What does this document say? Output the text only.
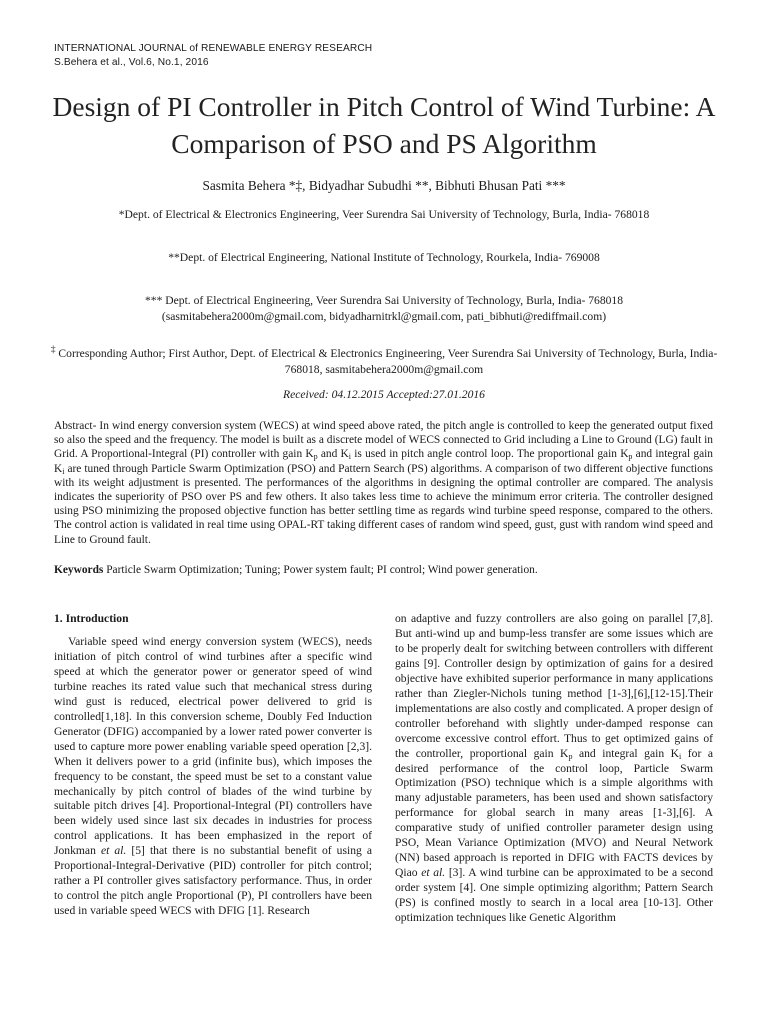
INTERNATIONAL JOURNAL of RENEWABLE ENERGY RESEARCH
S.Behera et al., Vol.6, No.1, 2016
Design of PI Controller in Pitch Control of Wind Turbine: A Comparison of PSO and PS Algorithm
Sasmita Behera *‡, Bidyadhar Subudhi **, Bibhuti Bhusan Pati ***
*Dept. of Electrical & Electronics Engineering, Veer Surendra Sai University of Technology, Burla, India- 768018
**Dept. of Electrical Engineering, National Institute of Technology, Rourkela, India- 769008
*** Dept. of Electrical Engineering, Veer Surendra Sai University of Technology, Burla, India- 768018
(sasmitabehera2000m@gmail.com, bidyadharnitrkl@gmail.com, pati_bibhuti@rediffmail.com)
‡ Corresponding Author; First Author, Dept. of Electrical & Electronics Engineering, Veer Surendra Sai University of Technology, Burla, India-768018, sasmitabehera2000m@gmail.com
Received: 04.12.2015 Accepted:27.01.2016

Abstract- In wind energy conversion system (WECS) at wind speed above rated, the pitch angle is controlled to keep the generated output fixed so also the speed and the frequency. The model is built as a discrete model of WECS connected to Grid including a Line to Ground (LG) fault in Grid. A Proportional-Integral (PI) controller with gain $K_p$ and $K_i$ is used in pitch angle control loop. The proportional gain $K_p$ and integral gain $K_i$ are tuned through Particle Swarm Optimization (PSO) and Pattern Search (PS) algorithms. A comparison of two different objective functions with its weight adjustment is presented. The performances of the algorithms in designing the optimal controller are compared. The analysis indicates the superiority of PSO over PS and few others. It also takes less time to achieve the minimum error criteria. The controller designed using PSO minimizing the proposed objective function has better settling time as regards wind turbine speed response, compared to the others. The control action is validated in real time using OPAL-RT taking different cases of random wind speed, gust, gust with random wind speed and Line to Ground fault.

Keywords Particle Swarm Optimization; Tuning; Power system fault; PI control; Wind power generation.
1. Introduction

Variable speed wind energy conversion system (WECS), needs initiation of pitch control of wind turbines after a specific wind speed at which the generator power or generator speed of wind turbine reaches its rated value such that mechanical stress during wind gust is reduced, electrical power delivered to grid is controlled[1,18]. In this conversion scheme, Doubly Fed Induction Generator (DFIG) accompanied by a lower rated power converter is used to capture more power enabling variable speed operation [2,3]. When it delivers power to a grid (infinite bus), which imposes the frequency to be constant, the speed must be set to a constant value mechanically by pitch control of blades of the wind turbine by suitable pitch drives [4]. Proportional-Integral (PI) controllers have been widely used since last six decades in industries for process control applications. It has been emphasized in the report of Jonkman et al. [5] that there is no substantial benefit of using a Proportional-Integral-Derivative (PID) controller for pitch control; rather a PI controller gives satisfactory performance. Thus, in order to control the pitch angle Proportional (P), PI controllers have been used in variable speed WECS with DFIG [1]. Research

on adaptive and fuzzy controllers are also going on parallel [7,8]. But anti-wind up and bump-less transfer are some issues which are to be properly dealt for switching between controllers with different gains [9]. Controller design by optimization of gains for a desired objective have exhibited superior performance in many applications rather than Ziegler-Nichols tuning method [1-3],[6],[12-15].Their implementations are also costly and complicated. A proper design of controller beforehand with slightly under-damped response can overcome excessive control effort. Thus to get optimized gains of the controller, proportional gain $K_p$ and integral gain $K_i$ for a desired performance of the control loop, Particle Swarm Optimization (PSO) technique which is a simple algorithms with many adjustable parameters, has been used and shown satisfactory performance for global search in many areas [1-3],[6]. A comparative study of unified controller parameter design using PSO, Mean Variance Optimization (MVO) and Neural Network (NN) based approach is reported in DFIG with FACTS devices by Qiao et al. [3]. A wind turbine can be approximated to be a second order system [4]. One simple optimizing algorithm; Pattern Search (PS) is confined mostly to search in a local area [10-13]. Other optimization techniques like Genetic Algorithm
